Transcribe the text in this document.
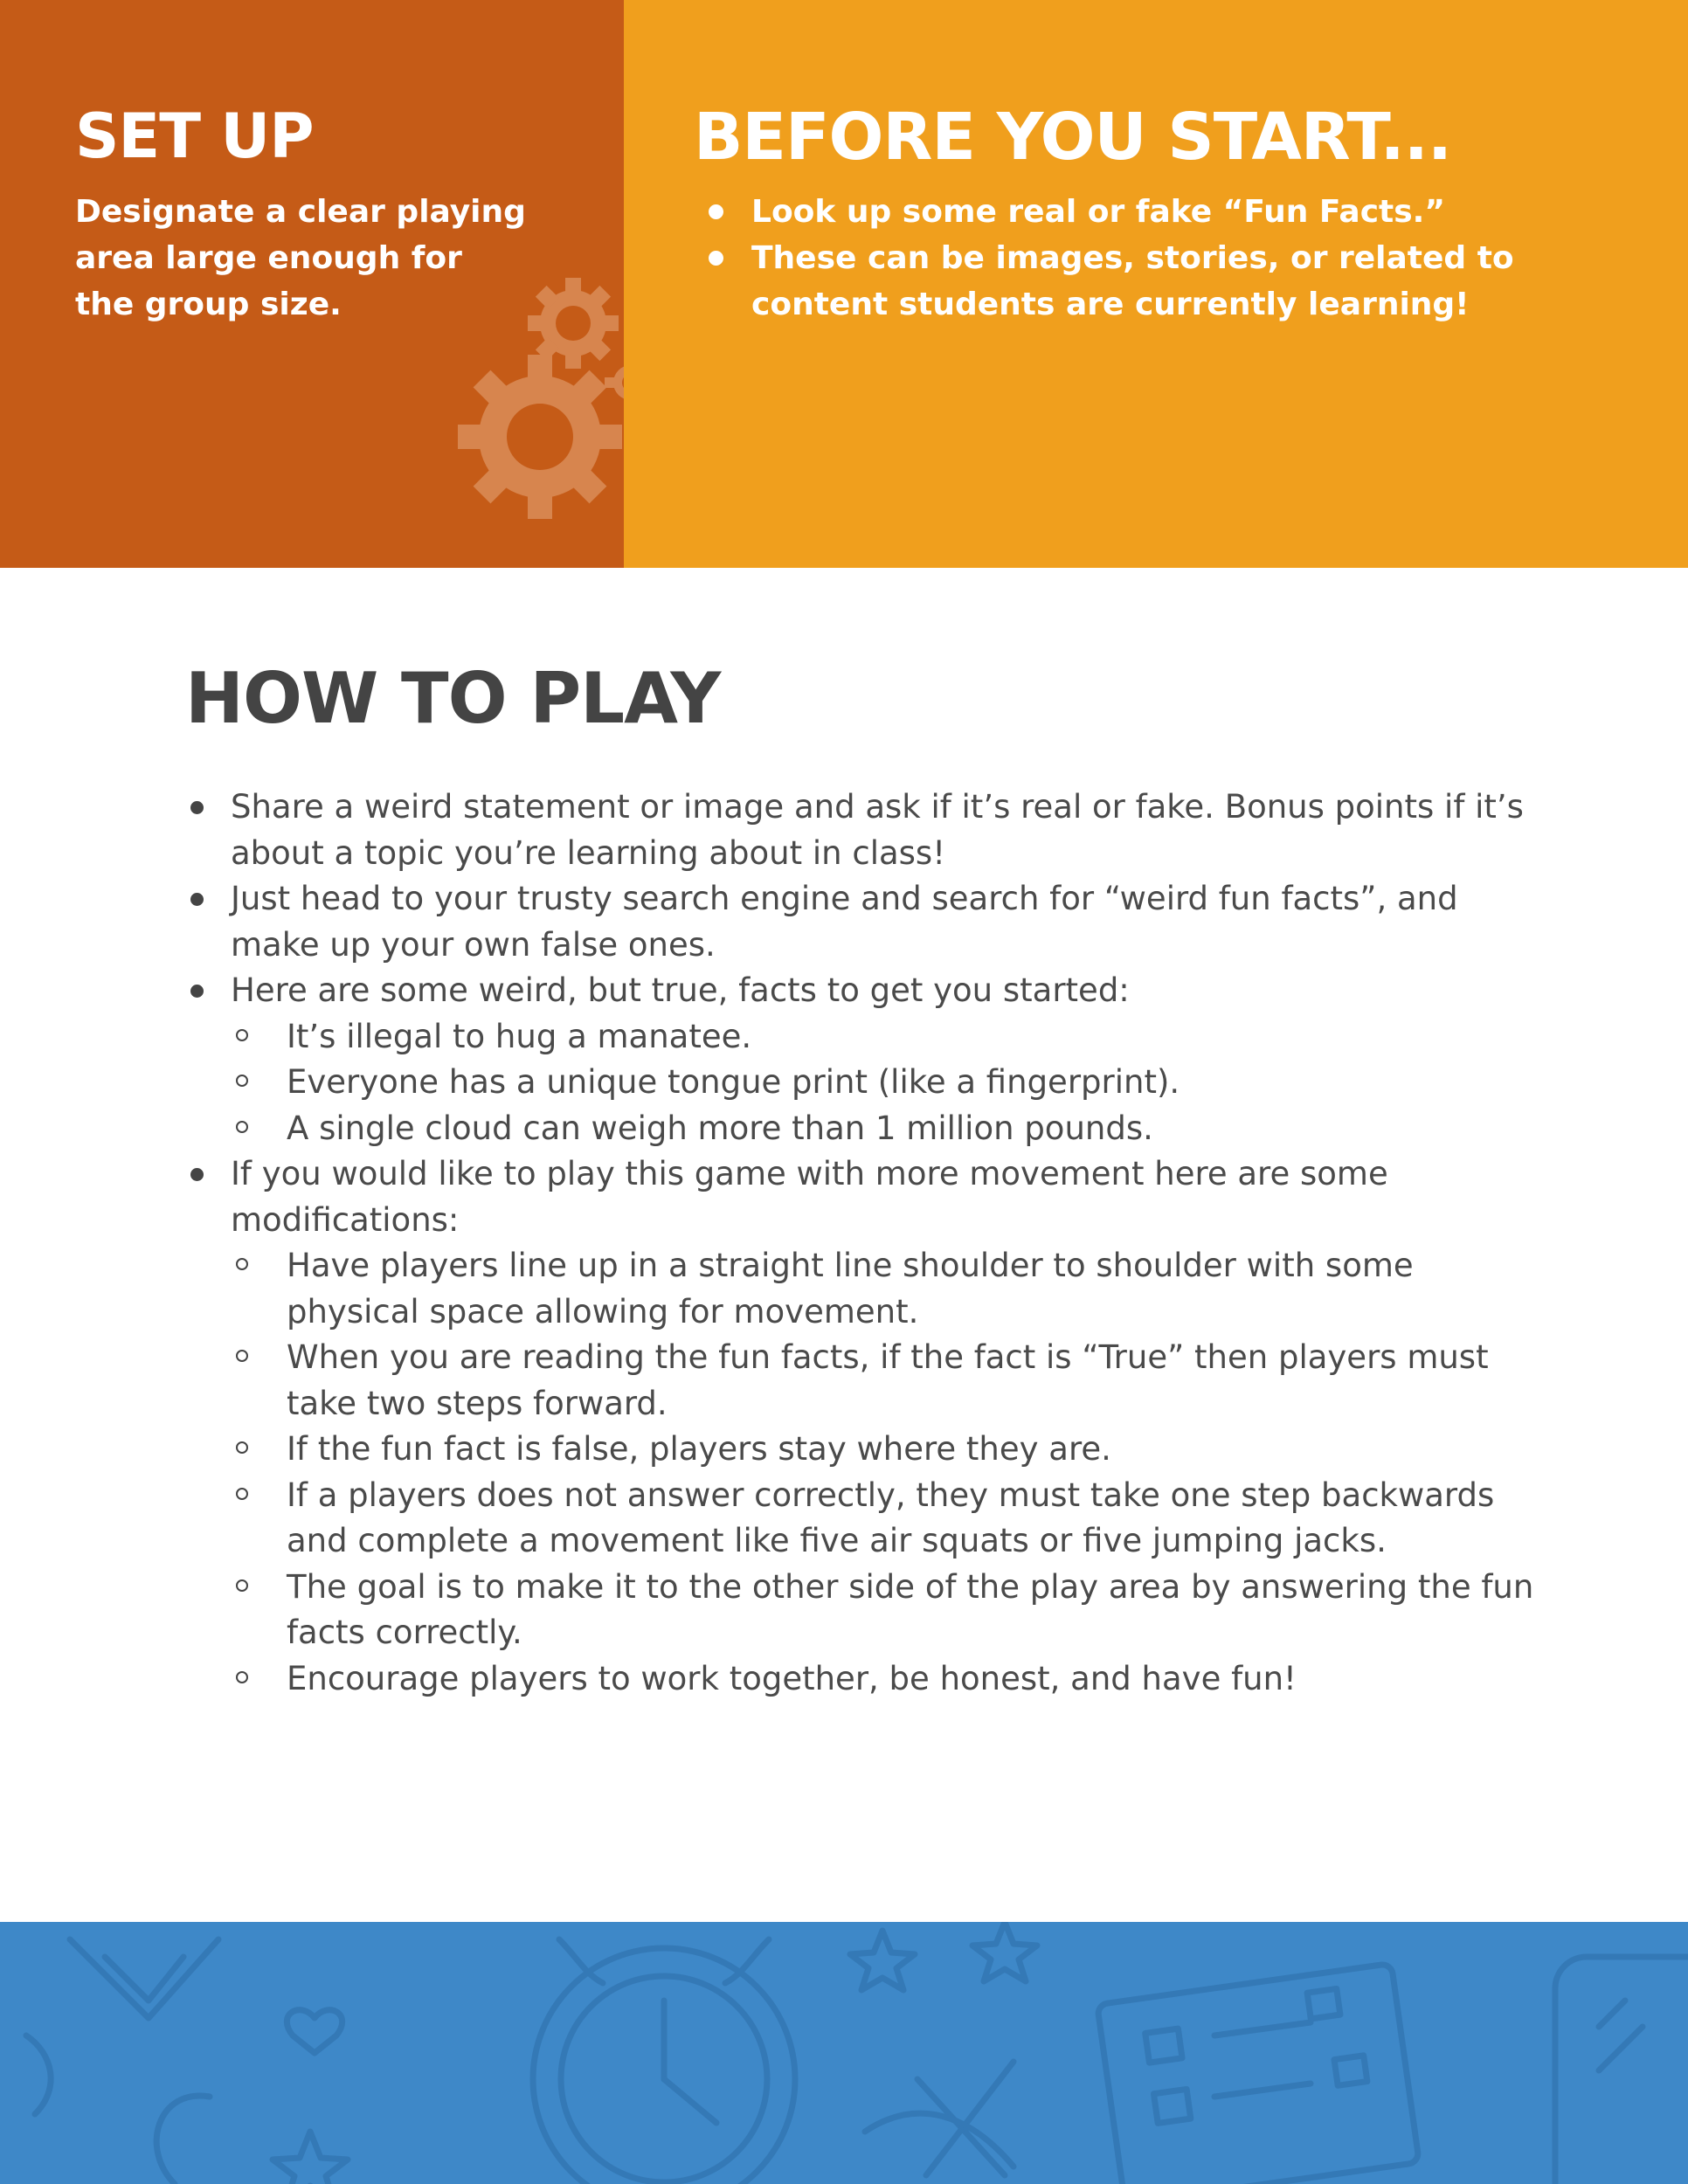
SET UP
Designate a clear playing area large enough for the group size.
BEFORE YOU START...
Look up some real or fake “Fun Facts.”
These can be images, stories, or related to content students are currently learning!
HOW TO PLAY
Share a weird statement or image and ask if it’s real or fake. Bonus points if it’s about a topic you’re learning about in class!
Just head to your trusty search engine and search for “weird fun facts”, and make up your own false ones.
Here are some weird, but true, facts to get you started:
It’s illegal to hug a manatee.
Everyone has a unique tongue print (like a fingerprint).
A single cloud can weigh more than 1 million pounds.
If you would like to play this game with more movement here are some modifications:
Have players line up in a straight line shoulder to shoulder with some physical space allowing for movement.
When you are reading the fun facts, if the fact is “True” then players must take two steps forward.
If the fun fact is false, players stay where they are.
If a players does not answer correctly, they must take one step backwards and complete a movement like five air squats or five jumping jacks.
The goal is to make it to the other side of the play area by answering the fun facts correctly.
Encourage players to work together, be honest, and have fun!
